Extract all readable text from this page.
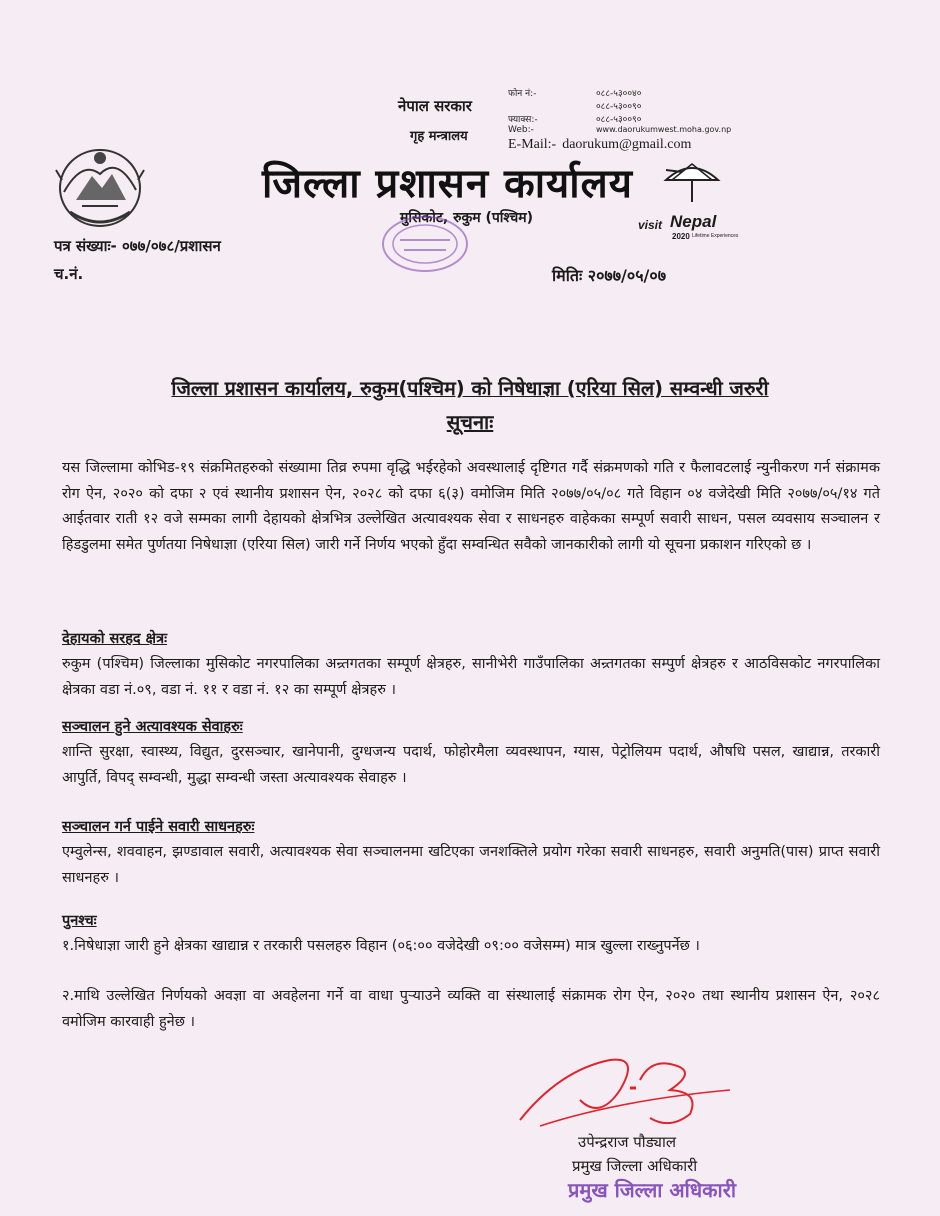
नेपाल सरकार
गृह मन्त्रालय
फोन नं:-	०८८-५३००४०
०८८-५३००९०
फ्याक्स:-	०८८-५३००९०
Web:-	www.daorukumwest.moha.gov.np
E-Mail:- daorukum@gmail.com
जिल्ला प्रशासन कार्यालय
visit Nepal
2020 Lifetime Experiences
मुसिकोट, रुकुम (पश्चिम)
पत्र संख्याः- ०७७/०७८/प्रशासन
च.नं.	मितिः २०७७/०५/०७
जिल्ला प्रशासन कार्यालय, रुकुम(पश्चिम) को निषेधाज्ञा (एरिया सिल) सम्वन्धी जरुरी
सूचनाः
यस जिल्लामा कोभिड-१९ संक्रमितहरुको संख्यामा तिव्र रुपमा वृद्धि भईरहेको अवस्थालाई दृष्टिगत गर्दै संक्रमणको गति र फैलावटलाई न्युनीकरण गर्न संक्रामक रोग ऐन, २०२० को दफा २ एवं स्थानीय प्रशासन ऐन, २०२८ को दफा ६(३) वमोजिम मिति २०७७/०५/०८ गते विहान ०४ वजेदेखी मिति २०७७/०५/१४ गते आईतवार राती १२ वजे सम्मका लागी देहायको क्षेत्रभित्र उल्लेखित अत्यावश्यक सेवा र साधनहरु वाहेकका सम्पूर्ण सवारी साधन, पसल व्यवसाय सञ्चालन र हिडडुलमा समेत पुर्णतया निषेधाज्ञा (एरिया सिल) जारी गर्ने निर्णय भएको हुँदा सम्वन्धित सवैको जानकारीको लागी यो सूचना प्रकाशन गरिएको छ ।
देहायको सरहद क्षेत्रः
रुकुम (पश्चिम) जिल्लाका मुसिकोट नगरपालिका अन्र्तगतका सम्पूर्ण क्षेत्रहरु, सानीभेरी गाउँपालिका अन्र्तगतका सम्पुर्ण क्षेत्रहरु र आठविसकोट नगरपालिका क्षेत्रका वडा नं.०९, वडा नं. ११ र वडा नं. १२ का सम्पूर्ण क्षेत्रहरु ।
सञ्चालन हुने अत्यावश्यक सेवाहरुः
शान्ति सुरक्षा, स्वास्थ्य, विद्युत, दुरसञ्चार, खानेपानी, दुग्धजन्य पदार्थ, फोहोरमैला व्यवस्थापन, ग्यास, पेट्रोलियम पदार्थ, औषधि पसल, खाद्यान्न, तरकारी आपुर्ति, विपद् सम्वन्धी, मुद्धा सम्वन्धी जस्ता अत्यावश्यक सेवाहरु ।
सञ्चालन गर्न पाईने सवारी साधनहरुः
एम्वुलेन्स, शववाहन, झण्डावाल सवारी, अत्यावश्यक सेवा सञ्चालनमा खटिएका जनशक्तिले प्रयोग गरेका सवारी साधनहरु, सवारी अनुमति(पास) प्राप्त सवारी साधनहरु ।
पुनश्चः
१.निषेधाज्ञा जारी हुने क्षेत्रका खाद्यान्न र तरकारी पसलहरु विहान (०६:०० वजेदेखी ०९:०० वजेसम्म) मात्र खुल्ला राख्नुपर्नेछ ।
२.माथि उल्लेखित निर्णयको अवज्ञा वा अवहेलना गर्ने वा वाधा पुर्‍याउने व्यक्ति वा संस्थालाई संक्रामक रोग ऐन, २०२० तथा स्थानीय प्रशासन ऐन, २०२८ वमोजिम कारवाही हुनेछ ।
उपेन्द्रराज पौड्याल
प्रमुख जिल्ला अधिकारी
प्रमुख जिल्ला अधिकारी
